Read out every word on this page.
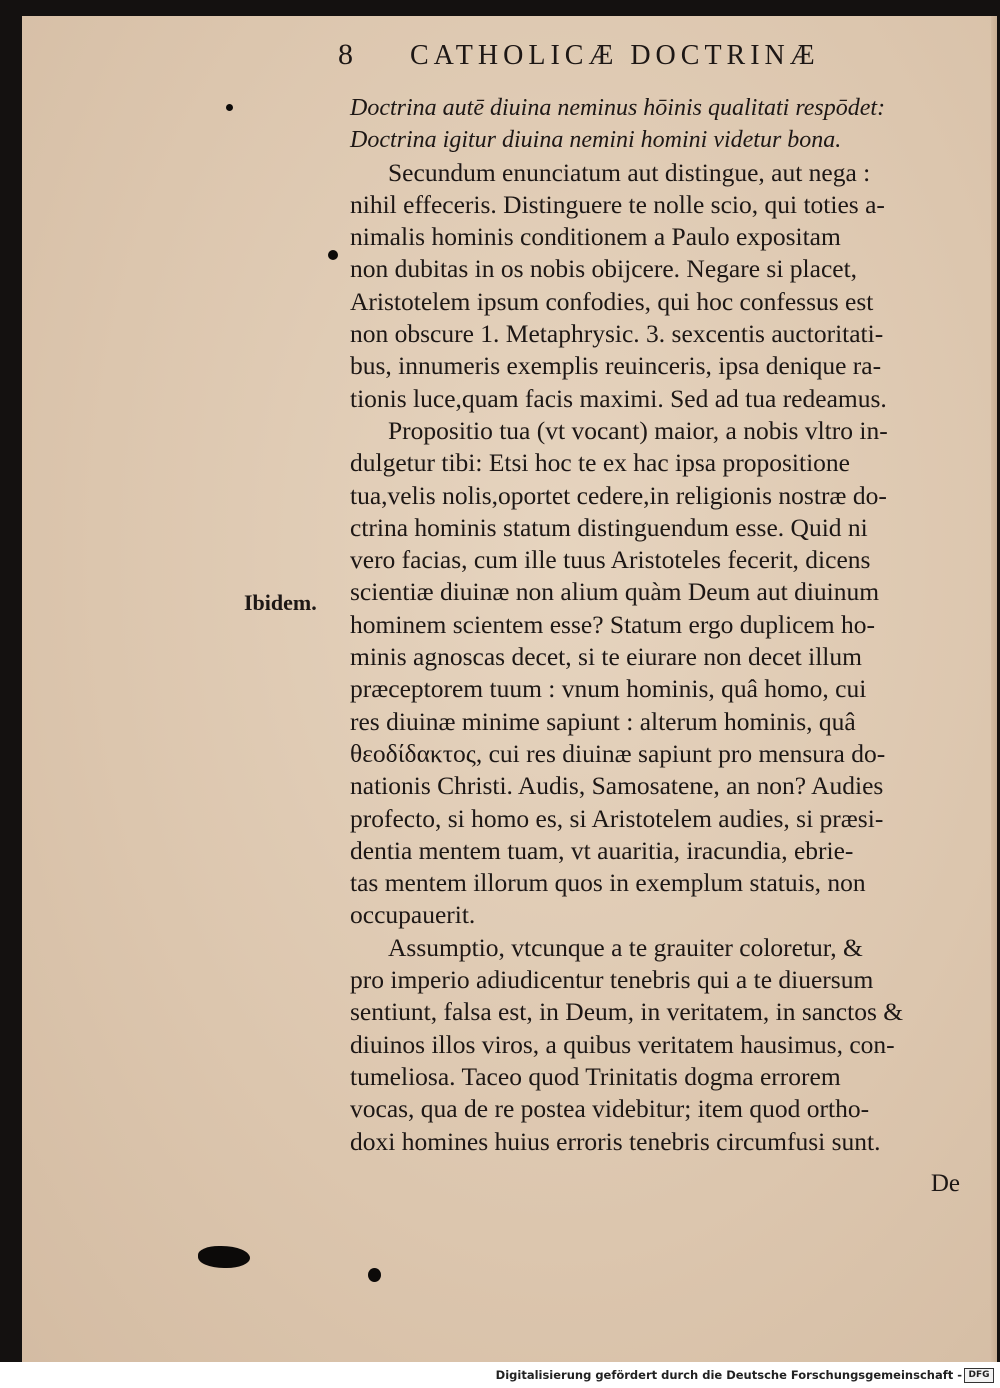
8 CATHOLICÆ DOCTRINÆ
Doctrina autē diuina neminus hōinis qualitati respōdet:
Doctrina igitur diuina nemini homini videtur bona.
Secundum enunciatum aut distingue, aut nega :
nihil effeceris. Distinguere te nolle scio, qui toties a-
nimalis hominis conditionem a Paulo expositam
non dubitas in os nobis obijcere. Negare si placet,
Aristotelem ipsum confodies, qui hoc confessus est
non obscure 1. Metaphrysic. 3. sexcentis auctoritati-
bus, innumeris exemplis reuinceris, ipsa denique ra-
tionis luce,quam facis maximi. Sed ad tua redeamus.
Propositio tua (vt vocant) maior, a nobis vltro in-
dulgetur tibi: Etsi hoc te ex hac ipsa propositione
tua,velis nolis,oportet cedere,in religionis nostræ do-
ctrina hominis statum distinguendum esse. Quid ni
vero facias, cum ille tuus Aristoteles fecerit, dicens
scientiæ diuinæ non alium quàm Deum aut diuinum
hominem scientem esse? Statum ergo duplicem ho-
minis agnoscas decet, si te eiurare non decet illum
præceptorem tuum : vnum hominis, quâ homo, cui
res diuinæ minime sapiunt : alterum hominis, quâ
θεοδίδακτος, cui res diuinæ sapiunt pro mensura do-
nationis Christi. Audis, Samosatene, an non? Audies
profecto, si homo es, si Aristotelem audies, si præsi-
dentia mentem tuam, vt auaritia, iracundia, ebrie-
tas mentem illorum quos in exemplum statuis, non
occupauerit.
Assumptio, vtcunque a te grauiter coloretur, &
pro imperio adiudicentur tenebris qui a te diuersum
sentiunt, falsa est, in Deum, in veritatem, in sanctos &
diuinos illos viros, a quibus veritatem hausimus, con-
tumeliosa. Taceo quod Trinitatis dogma errorem
vocas, qua de re postea videbitur; item quod ortho-
doxi homines huius erroris tenebris circumfusi sunt.
Ibidem.
De
Digitalisierung gefördert durch die Deutsche Forschungsgemeinschaft - DFG
